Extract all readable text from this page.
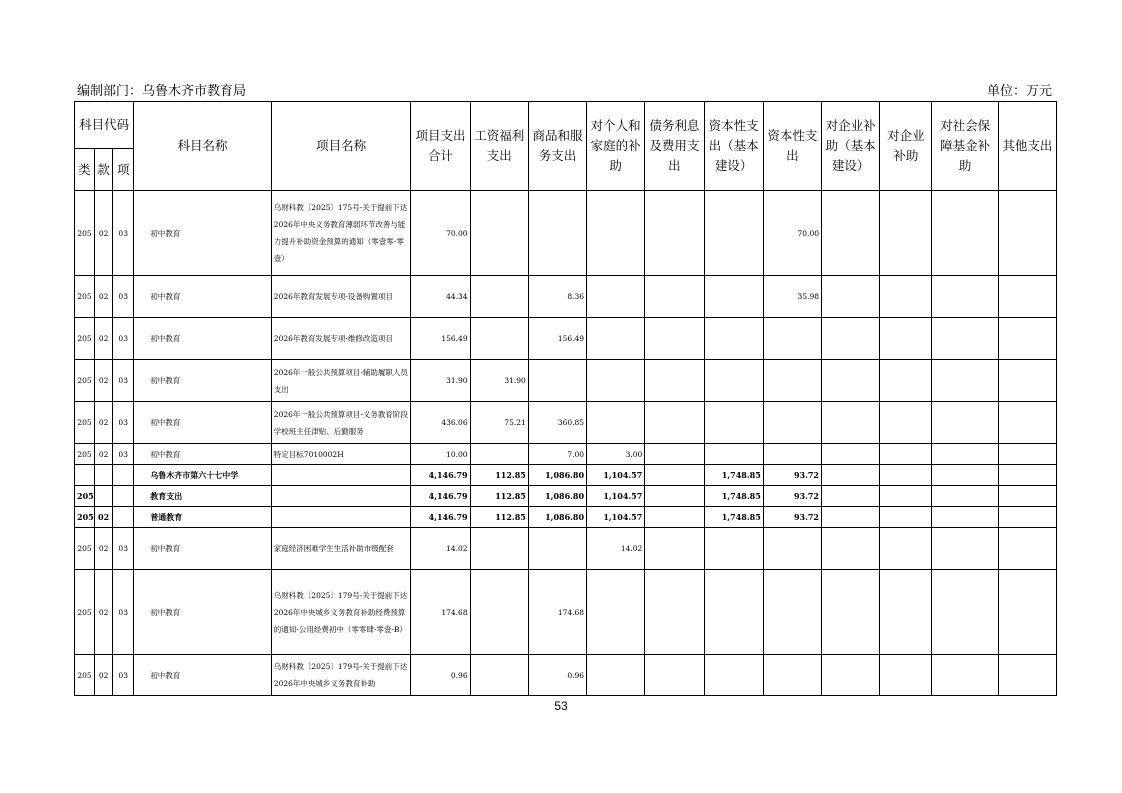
编制部门：乌鲁木齐市教育局	单位：万元
科目代码			科目名称	项目名称	项目支出合计	工资福利支出	商品和服务支出	对个人和家庭的补助	债务利息及费用支出	资本性支出（基本建设）	资本性支出	对企业补助（基本建设）	对企业补助	对社会保障基金补助	其他支出
类	款	项													
205	02	03	初中教育	乌财科教〔2025〕175号-关于提前下达2026年中央义务教育薄弱环节改善与能力提升补助资金预算的通知（零壹零-零壹）	70.00						70.00				
205	02	03	初中教育	2026年教育发展专项-设备购置项目	44.34		8.36				35.98				
205	02	03	初中教育	2026年教育发展专项-维修改造项目	156.49		156.49								
205	02	03	初中教育	2026年一般公共预算项目-辅助履职人员支出	31.90	31.90									
205	02	03	初中教育	2026年一般公共预算项目-义务教育阶段学校班主任津贴、后勤服务	436.06	75.21	360.85								
205	02	03	初中教育	特定目标7010002H	10.00		7.00	3.00							
			乌鲁木齐市第六十七中学		4,146.79	112.85	1,086.80	1,104.57		1,748.85	93.72				
205			教育支出		4,146.79	112.85	1,086.80	1,104.57		1,748.85	93.72				
205	02		普通教育		4,146.79	112.85	1,086.80	1,104.57		1,748.85	93.72				
205	02	03	初中教育	家庭经济困难学生生活补助市级配套	14.02			14.02							
205	02	03	初中教育	乌财科教〔2025〕179号-关于提前下达2026年中央城乡义务教育补助经费预算的通知-公用经费初中（零零肆-零壹-B）	174.68		174.68								
205	02	03	初中教育	乌财科教〔2025〕179号-关于提前下达2026年中央城乡义务教育补助	0.96		0.96								
53
